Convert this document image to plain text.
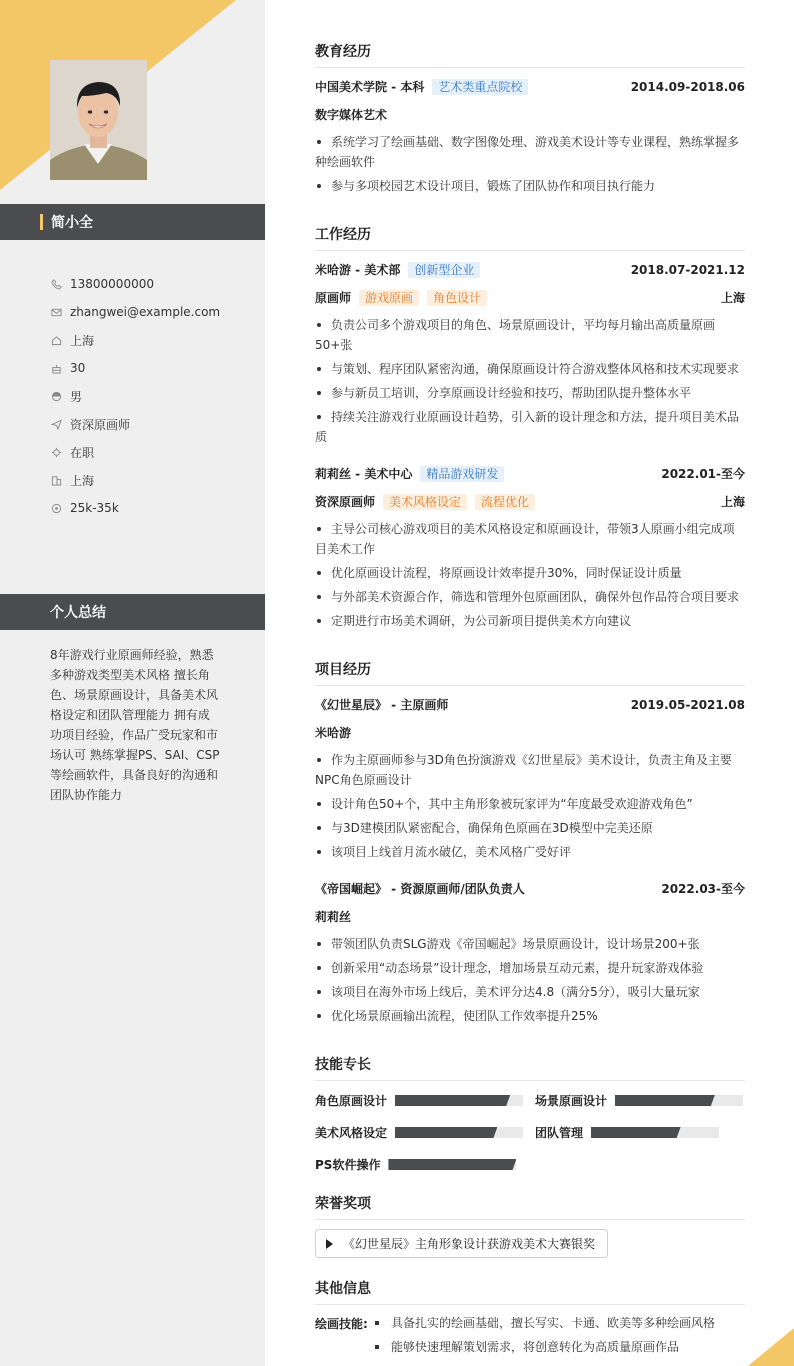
简小全
13800000000
zhangwei@example.com
上海
30
男
资深原画师
在职
上海
25k-35k
个人总结
8年游戏行业原画师经验，熟悉多种游戏类型美术风格 擅长角色、场景原画设计，具备美术风格设定和团队管理能力 拥有成功项目经验，作品广受玩家和市场认可 熟练掌握PS、SAI、CSP等绘画软件，具备良好的沟通和团队协作能力
教育经历
中国美术学院 - 本科	艺术类重点院校	2014.09-2018.06
数字媒体艺术
系统学习了绘画基础、数字图像处理、游戏美术设计等专业课程，熟练掌握多种绘画软件
参与多项校园艺术设计项目，锻炼了团队协作和项目执行能力
工作经历
米哈游 - 美术部	创新型企业	2018.07-2021.12
原画师	游戏原画	角色设计	上海
负责公司多个游戏项目的角色、场景原画设计，平均每月输出高质量原画50+张
与策划、程序团队紧密沟通，确保原画设计符合游戏整体风格和技术实现要求
参与新员工培训，分享原画设计经验和技巧，帮助团队提升整体水平
持续关注游戏行业原画设计趋势，引入新的设计理念和方法，提升项目美术品质
莉莉丝 - 美术中心	精品游戏研发	2022.01-至今
资深原画师	美术风格设定	流程优化	上海
主导公司核心游戏项目的美术风格设定和原画设计，带领3人原画小组完成项目美术工作
优化原画设计流程，将原画设计效率提升30%，同时保证设计质量
与外部美术资源合作，筛选和管理外包原画团队，确保外包作品符合项目要求
定期进行市场美术调研，为公司新项目提供美术方向建议
项目经历
《幻世星辰》 - 主原画师	2019.05-2021.08
米哈游
作为主原画师参与3D角色扮演游戏《幻世星辰》美术设计，负责主角及主要NPC角色原画设计
设计角色50+个，其中主角形象被玩家评为“年度最受欢迎游戏角色”
与3D建模团队紧密配合，确保角色原画在3D模型中完美还原
该项目上线首月流水破亿，美术风格广受好评
《帝国崛起》 - 资源原画师/团队负责人	2022.03-至今
莉莉丝
带领团队负责SLG游戏《帝国崛起》场景原画设计，设计场景200+张
创新采用“动态场景”设计理念，增加场景互动元素，提升玩家游戏体验
该项目在海外市场上线后，美术评分达4.8（满分5分），吸引大量玩家
优化场景原画输出流程，使团队工作效率提升25%
技能专长
角色原画设计	场景原画设计
美术风格设定	团队管理
PS软件操作
荣誉奖项
《幻世星辰》主角形象设计获游戏美术大赛银奖
其他信息
绘画技能:	具备扎实的绘画基础，擅长写实、卡通、欧美等多种绘画风格
能够快速理解策划需求，将创意转化为高质量原画作品
